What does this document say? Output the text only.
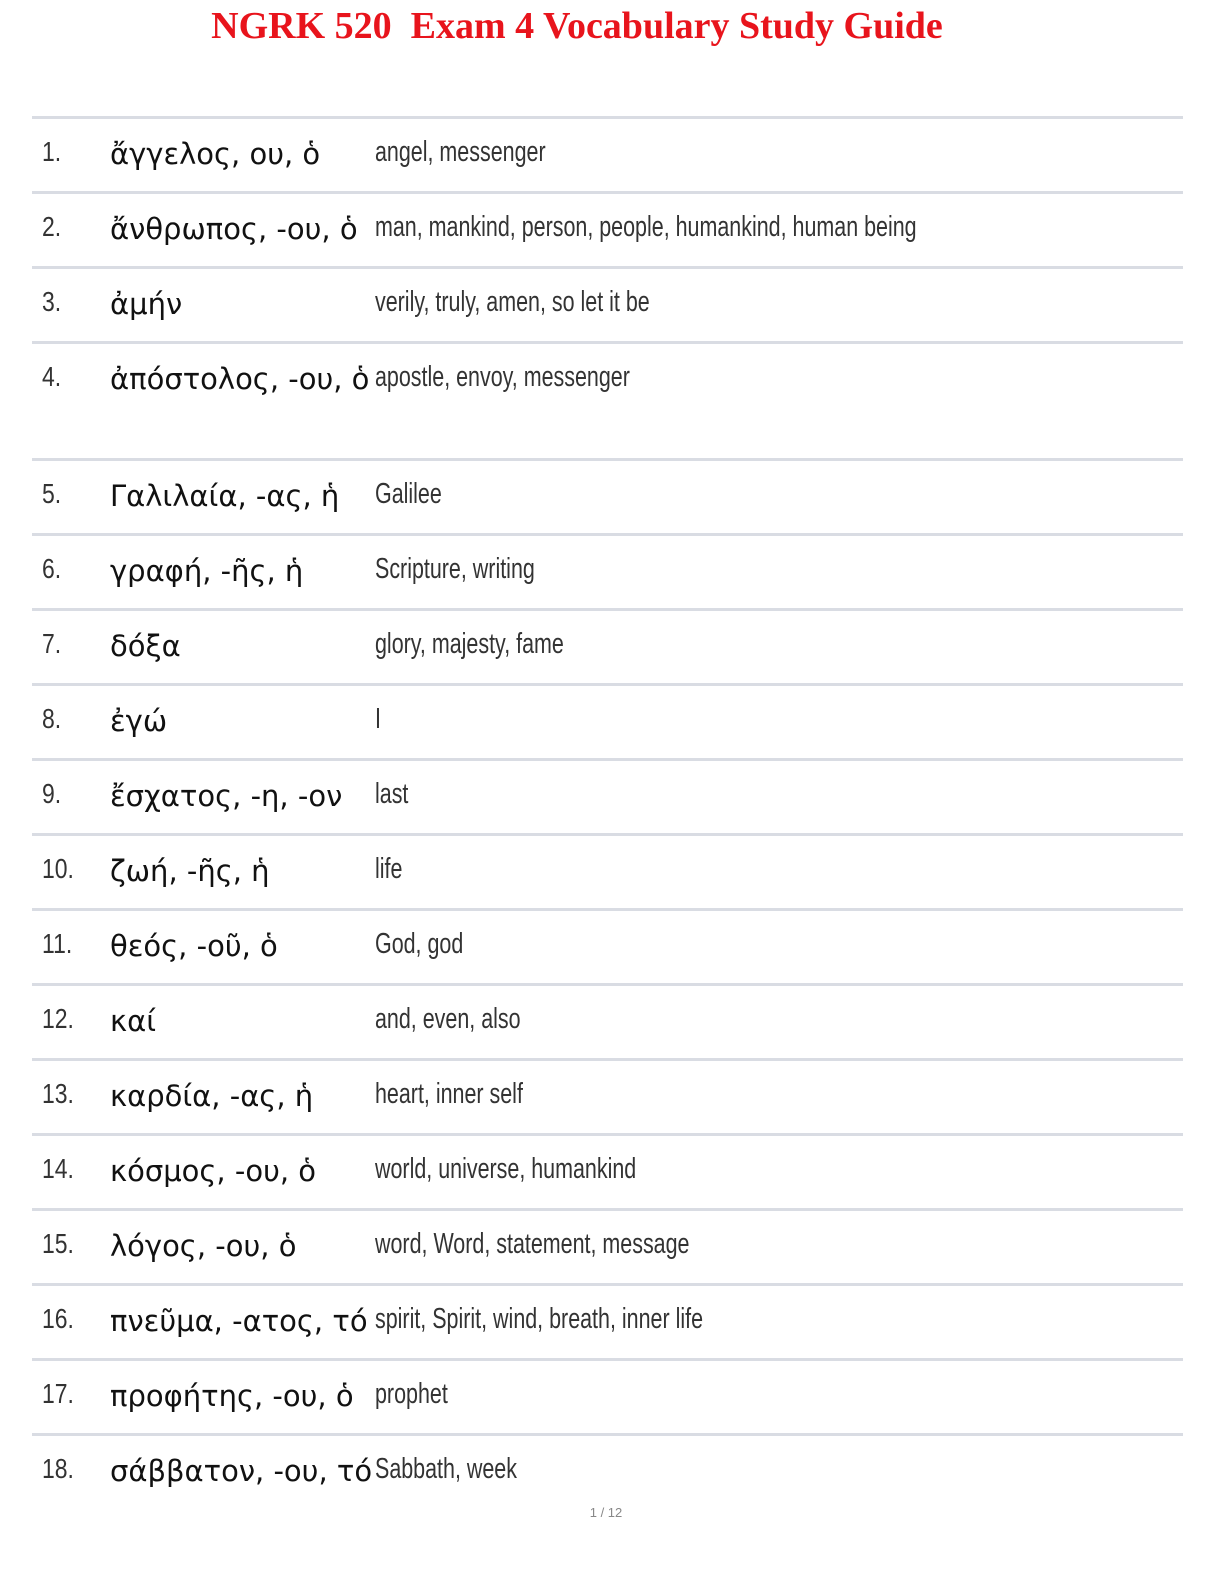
NGRK 520  Exam 4 Vocabulary Study Guide
1. ἄγγελος, ου, ὁ	angel, messenger
2. ἄνθρωπος, -ου, ὁ man, mankind, person, people, humankind, human being
3. ἀμήν	verily, truly, amen, so let it be
4. ἀπόστολος, -ου, ὁ apostle, envoy, messenger
5. Γαλιλαία, -ας, ἡ	Galilee
6. γραφή, -ῆς, ἡ	Scripture, writing
7. δόξα	glory, majesty, fame
8. ἐγώ	I
9. ἔσχατος, -η, -ον	last
10. ζωή, -ῆς, ἡ	life
11. θεός, -οῦ, ὁ	God, god
12. καί	and, even, also
13. καρδία, -ας, ἡ	heart, inner self
14. κόσμος, -ου, ὁ	world, universe, humankind
15. λόγος, -ου, ὁ	word, Word, statement, message
16. πνεῦμα, -ατος, τό spirit, Spirit, wind, breath, inner life
17. προφήτης, -ου, ὁ prophet
18. σάββατον, -ου, τό Sabbath, week
1 / 12
